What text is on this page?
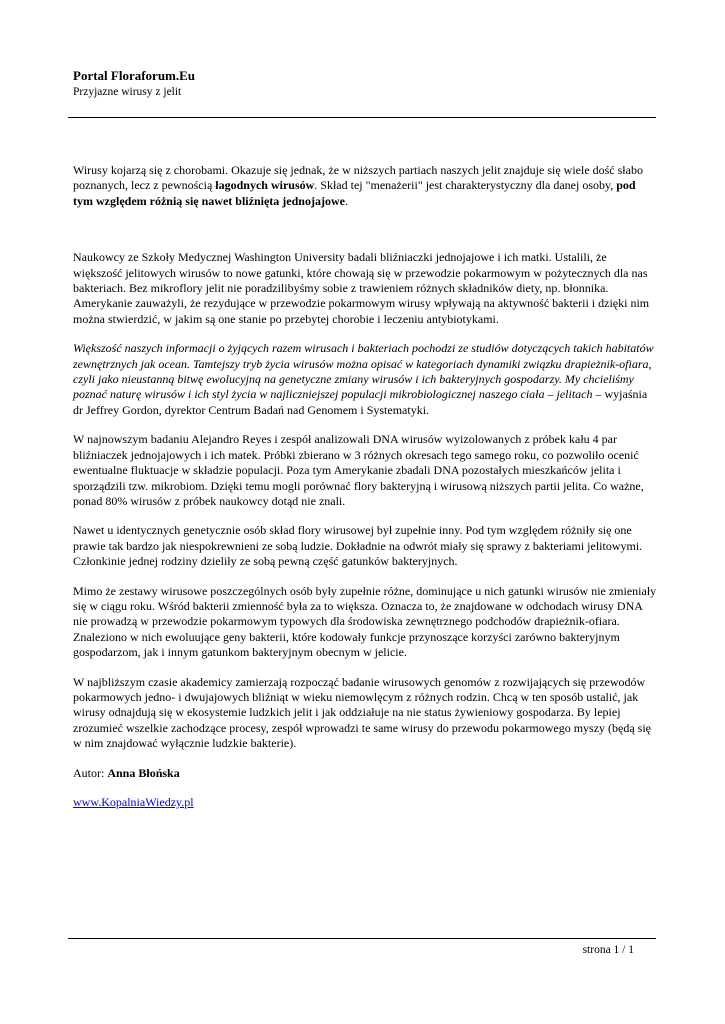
Portal Floraforum.Eu

Przyjazne wirusy z jelit

Wirusy kojarzą się z chorobami. Okazuje się jednak, że w niższych partiach naszych jelit znajduje się wiele dość słabo poznanych, lecz z pewnością łagodnych wirusów. Skład tej "menażerii" jest charakterystyczny dla danej osoby, pod tym względem różnią się nawet bliźnięta jednojajowe.

Naukowcy ze Szkoły Medycznej Washington University badali bliźniaczki jednojajowe i ich matki. Ustalili, że większość jelitowych wirusów to nowe gatunki, które chowają się w przewodzie pokarmowym w pożytecznych dla nas bakteriach. Bez mikroflory jelit nie poradzilibyśmy sobie z trawieniem różnych składników diety, np. błonnika. Amerykanie zauważyli, że rezydujące w przewodzie pokarmowym wirusy wpływają na aktywność bakterii i dzięki nim można stwierdzić, w jakim są one stanie po przebytej chorobie i leczeniu antybiotykami.

Większość naszych informacji o żyjących razem wirusach i bakteriach pochodzi ze studiów dotyczących takich habitatów zewnętrznych jak ocean. Tamtejszy tryb życia wirusów można opisać w kategoriach dynamiki związku drapieżnik-ofiara, czyli jako nieustanną bitwę ewolucyjną na genetyczne zmiany wirusów i ich bakteryjnych gospodarzy. My chcieliśmy poznać naturę wirusów i ich styl życia w najliczniejszej populacji mikrobiologicznej naszego ciała – jelitach – wyjaśnia dr Jeffrey Gordon, dyrektor Centrum Badań nad Genomem i Systematyki.

W najnowszym badaniu Alejandro Reyes i zespół analizowali DNA wirusów wyizolowanych z próbek kału 4 par bliźniaczek jednojajowych i ich matek. Próbki zbierano w 3 różnych okresach tego samego roku, co pozwoliło ocenić ewentualne fluktuacje w składzie populacji. Poza tym Amerykanie zbadali DNA pozostałych mieszkańców jelita i sporządzili tzw. mikrobiom. Dzięki temu mogli porównać flory bakteryjną i wirusową niższych partii jelita. Co ważne, ponad 80% wirusów z próbek naukowcy dotąd nie znali.

Nawet u identycznych genetycznie osób skład flory wirusowej był zupełnie inny. Pod tym względem różniły się one prawie tak bardzo jak niespokrewnieni ze sobą ludzie. Dokładnie na odwrót miały się sprawy z bakteriami jelitowymi. Członkinie jednej rodziny dzieliły ze sobą pewną część gatunków bakteryjnych.

Mimo że zestawy wirusowe poszczególnych osób były zupełnie różne, dominujące u nich gatunki wirusów nie zmieniały się w ciągu roku. Wśród bakterii zmienność była za to większa. Oznacza to, że znajdowane w odchodach wirusy DNA nie prowadzą w przewodzie pokarmowym typowych dla środowiska zewnętrznego podchodów drapieżnik-ofiara. Znaleziono w nich ewoluujące geny bakterii, które kodowały funkcje przynoszące korzyści zarówno bakteryjnym gospodarzom, jak i innym gatunkom bakteryjnym obecnym w jelicie.

W najbliższym czasie akademicy zamierzają rozpocząć badanie wirusowych genomów z rozwijających się przewodów pokarmowych jedno- i dwujajowych bliźniąt w wieku niemowlęcym z różnych rodzin. Chcą w ten sposób ustalić, jak wirusy odnajdują się w ekosystemie ludzkich jelit i jak oddziałuje na nie status żywieniowy gospodarza. By lepiej zrozumieć wszelkie zachodzące procesy, zespół wprowadzi te same wirusy do przewodu pokarmowego myszy (będą się w nim znajdować wyłącznie ludzkie bakterie).

Autor: Anna Błońska

www.KopalniaWiedzy.pl

strona 1 / 1
